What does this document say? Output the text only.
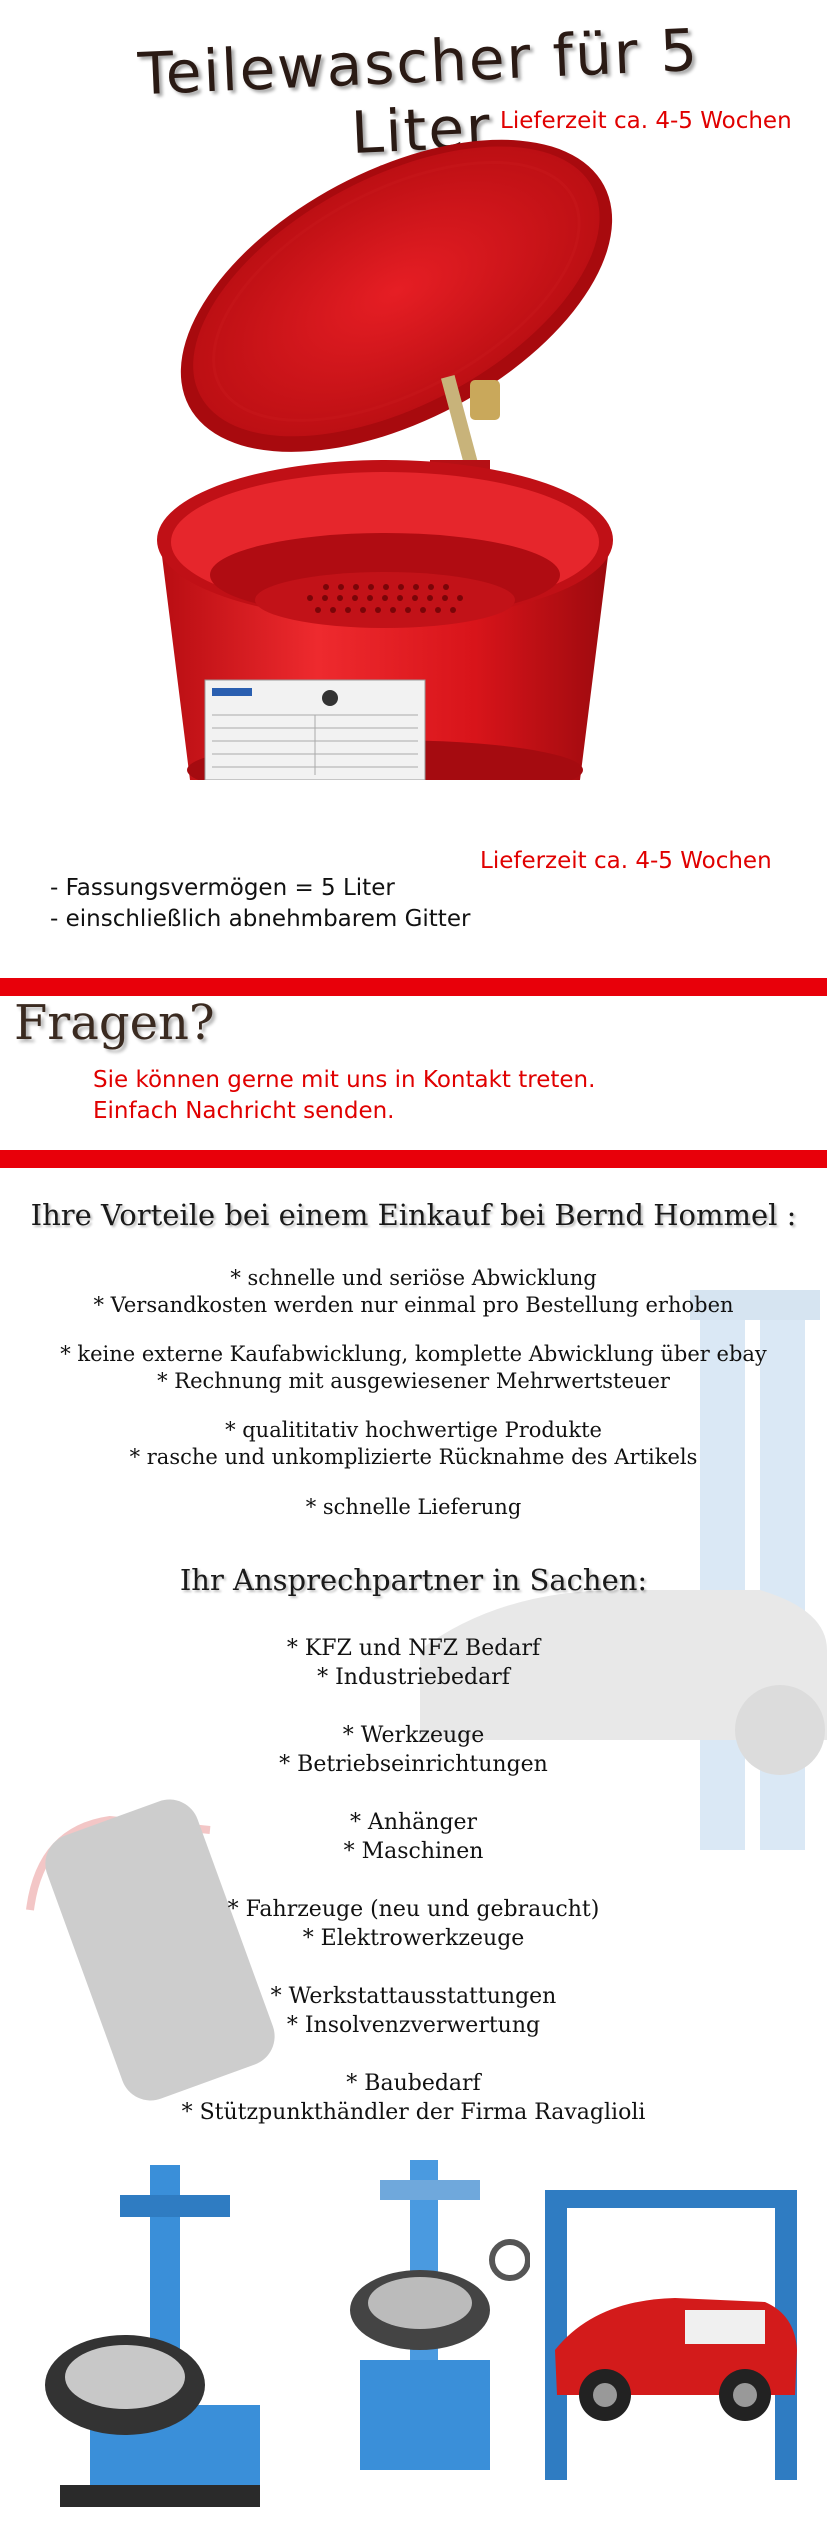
Teilewascher für 5 Liter Lieferzeit ca. 4-5 Wochen
Lieferzeit ca. 4-5 Wochen
- Fassungsvermögen = 5 Liter
- einschließlich abnehmbarem Gitter
Fragen?
Sie können gerne mit uns in Kontakt treten.
Einfach Nachricht senden.
Ihre Vorteile bei einem Einkauf bei Bernd Hommel :
* schnelle und seriöse Abwicklung
* Versandkosten werden nur einmal pro Bestellung erhoben
* keine externe Kaufabwicklung, komplette Abwicklung über ebay
* Rechnung mit ausgewiesener Mehrwertsteuer
* qualititativ hochwertige Produkte
* rasche und unkomplizierte Rücknahme des Artikels
* schnelle Lieferung
Ihr Ansprechpartner in Sachen:
* KFZ und NFZ Bedarf
* Industriebedarf
* Werkzeuge
* Betriebseinrichtungen
* Anhänger
* Maschinen
* Fahrzeuge (neu und gebraucht)
* Elektrowerkzeuge
* Werkstattausstattungen
* Insolvenzverwertung
* Baubedarf
* Stützpunkthändler der Firma Ravaglioli
